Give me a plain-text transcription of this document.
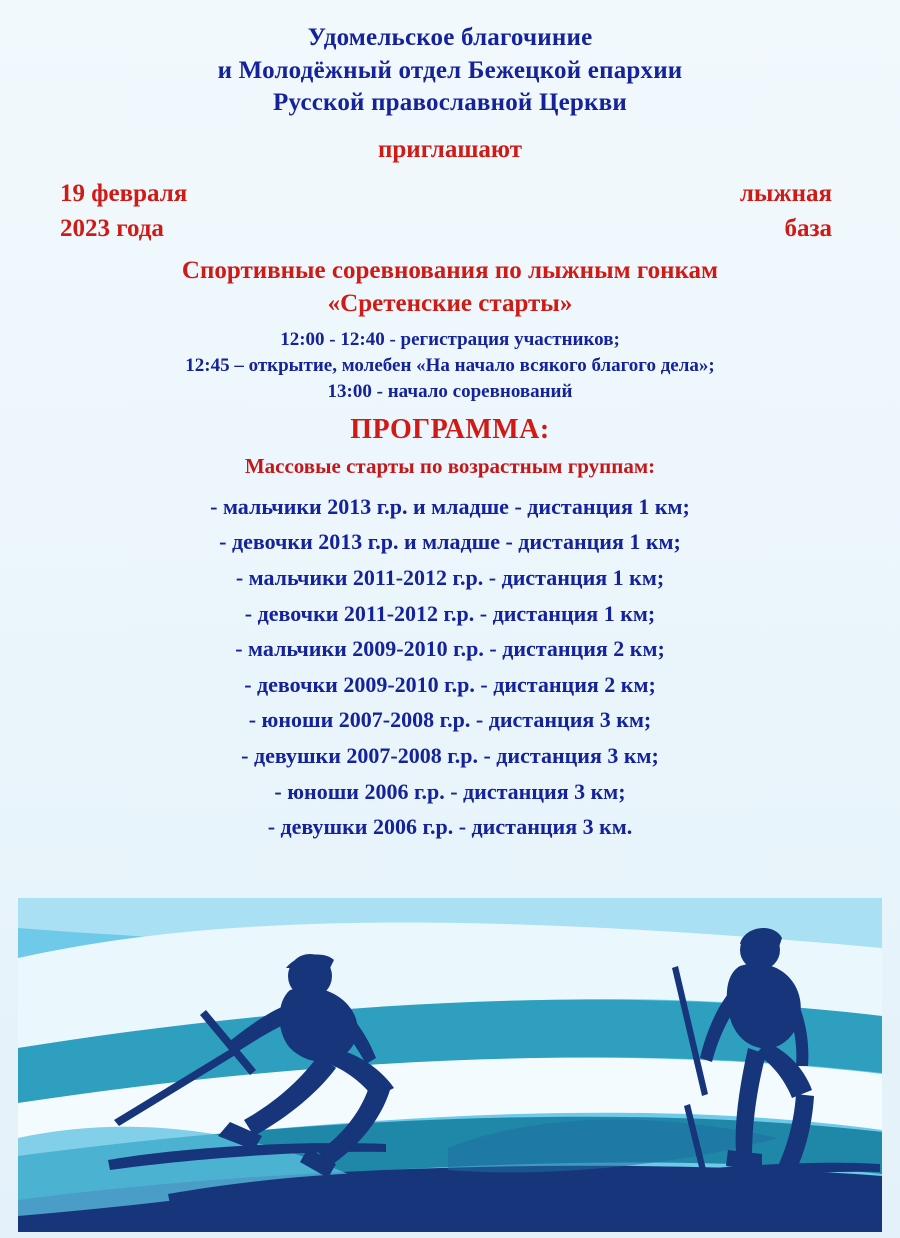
Удомельское благочиние
и Молодёжный отдел Бежецкой епархии
Русской православной Церкви
приглашают
19 февраля
2023 года
лыжная
база
Спортивные соревнования по лыжным гонкам
«Сретенские старты»
12:00 - 12:40 - регистрация участников;
12:45 – открытие, молебен «На начало всякого благого дела»;
13:00 - начало соревнований
ПРОГРАММА:
Массовые старты по возрастным группам:
- мальчики 2013 г.р. и младше - дистанция 1 км;
- девочки 2013 г.р. и младше - дистанция 1 км;
- мальчики 2011-2012 г.р. - дистанция 1 км;
- девочки 2011-2012 г.р. - дистанция 1 км;
- мальчики 2009-2010 г.р. - дистанция 2 км;
- девочки 2009-2010 г.р. - дистанция 2 км;
- юноши 2007-2008 г.р. - дистанция 3 км;
- девушки 2007-2008 г.р. - дистанция 3 км;
- юноши 2006 г.р. - дистанция 3 км;
- девушки 2006 г.р. - дистанция 3 км.
